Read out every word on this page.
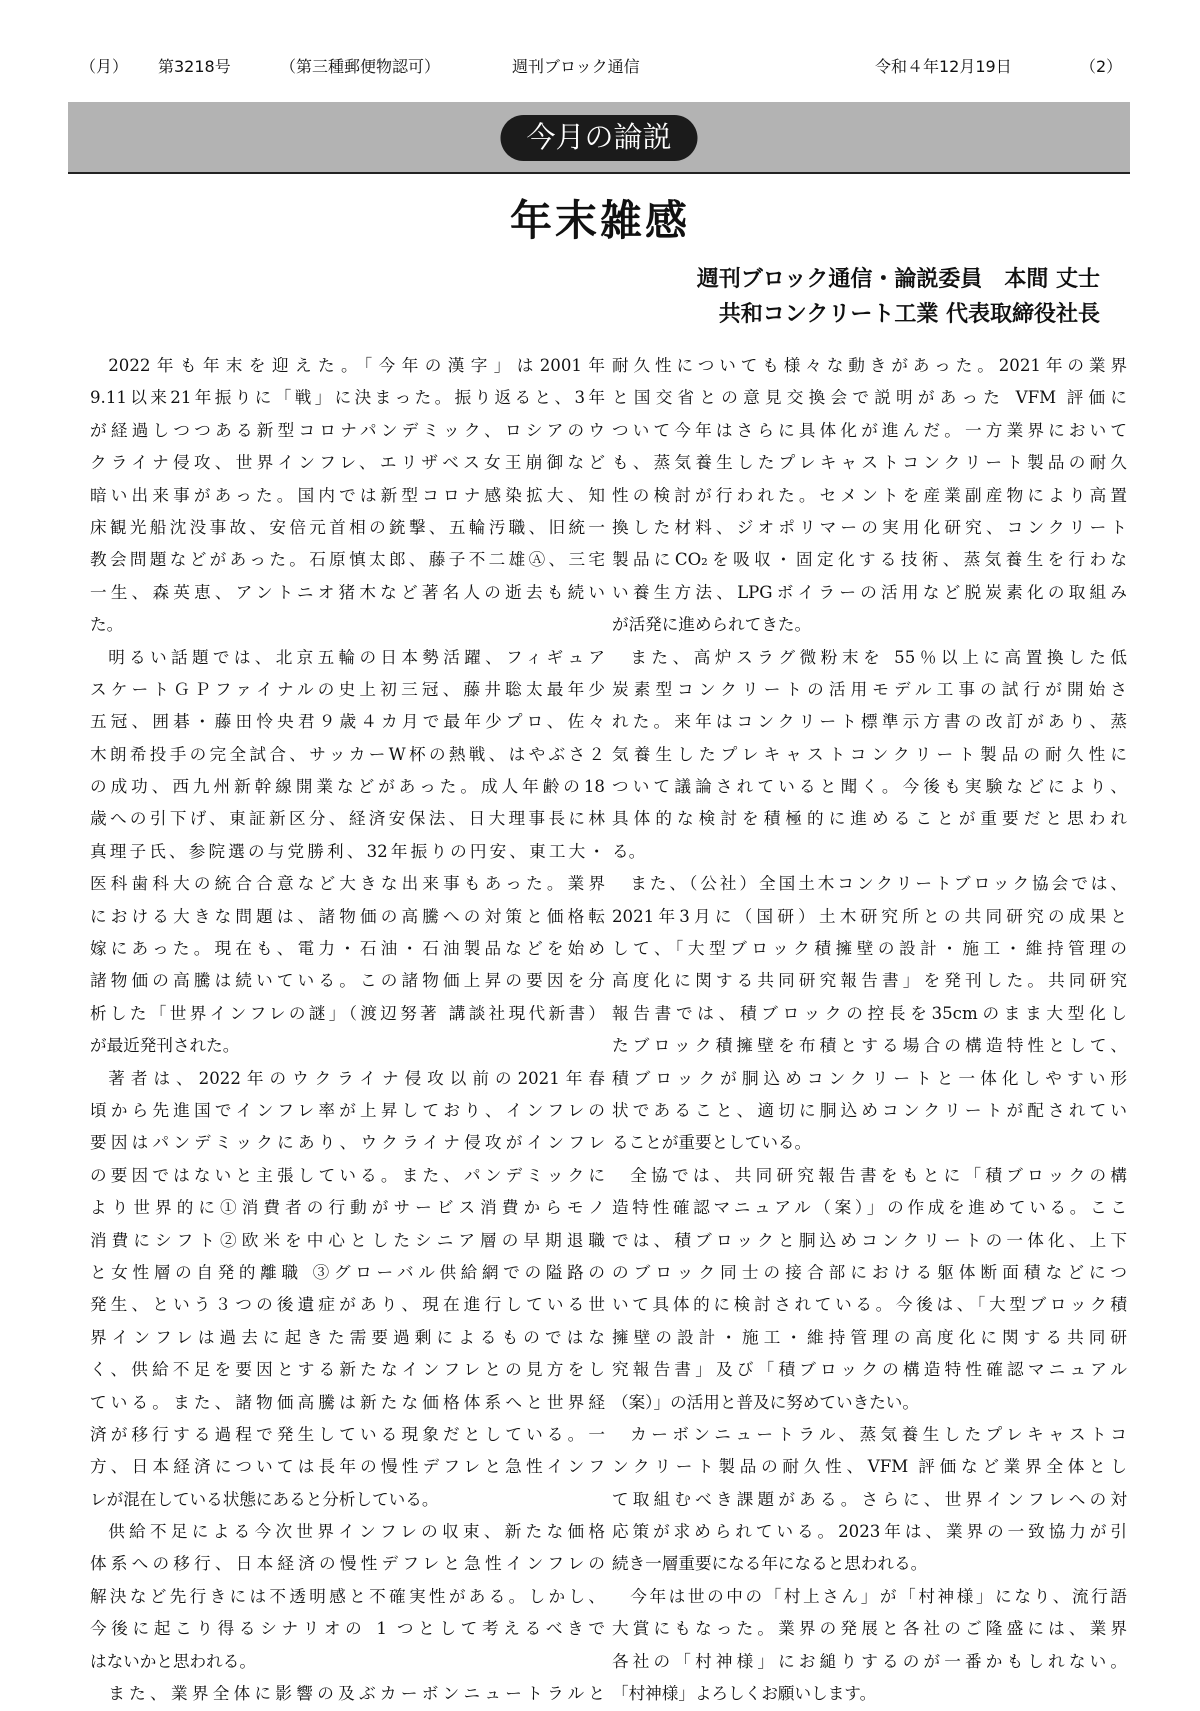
（月） 第3218号	（第三種郵便物認可）	週刊ブロック通信	令和４年12月19日	（2）
今月の論説
年末雑感
週刊ブロック通信・論説委員　本間 丈士
共和コンクリート工業 代表取締役社長
2022年も年末を迎えた。「今年の漢字」は2001年
9.11以来21年振りに「戦」に決まった。振り返ると、3年
が経過しつつある新型コロナパンデミック、ロシアのウ
クライナ侵攻、世界インフレ、エリザベス女王崩御など
暗い出来事があった。国内では新型コロナ感染拡大、知
床観光船沈没事故、安倍元首相の銃撃、五輪汚職、旧統一
教会問題などがあった。石原慎太郎、藤子不二雄Ⓐ、三宅
一生、森英恵、アントニオ猪木など著名人の逝去も続い
た。
明るい話題では、北京五輪の日本勢活躍、フィギュア
スケートＧＰファイナルの史上初三冠、藤井聡太最年少
五冠、囲碁・藤田怜央君９歳４カ月で最年少プロ、佐々
木朗希投手の完全試合、サッカーW杯の熱戦、はやぶさ２
の成功、西九州新幹線開業などがあった。成人年齢の18
歳への引下げ、東証新区分、経済安保法、日大理事長に林
真理子氏、参院選の与党勝利、32年振りの円安、東工大・
医科歯科大の統合合意など大きな出来事もあった。業界
における大きな問題は、諸物価の高騰への対策と価格転
嫁にあった。現在も、電力・石油・石油製品などを始め
諸物価の高騰は続いている。この諸物価上昇の要因を分
析した「世界インフレの謎」（渡辺努著 講談社現代新書）
が最近発刊された。
著者は、2022年のウクライナ侵攻以前の2021年春
頃から先進国でインフレ率が上昇しており、インフレの
要因はパンデミックにあり、ウクライナ侵攻がインフレ
の要因ではないと主張している。また、パンデミックに
より世界的に①消費者の行動がサービス消費からモノ
消費にシフト②欧米を中心としたシニア層の早期退職
と女性層の自発的離職 ③グローバル供給網での隘路の
発生、という３つの後遺症があり、現在進行している世
界インフレは過去に起きた需要過剰によるものではな
く、供給不足を要因とする新たなインフレとの見方をし
ている。また、諸物価高騰は新たな価格体系へと世界経
済が移行する過程で発生している現象だとしている。一
方、日本経済については長年の慢性デフレと急性インフ
レが混在している状態にあると分析している。
供給不足による今次世界インフレの収束、新たな価格
体系への移行、日本経済の慢性デフレと急性インフレの
解決など先行きには不透明感と不確実性がある。しかし、
今後に起こり得るシナリオの 1 つとして考えるべきで
はないかと思われる。
また、業界全体に影響の及ぶカーボンニュートラルと
耐久性についても様々な動きがあった。2021年の業界
と国交省との意見交換会で説明があった VFM 評価に
ついて今年はさらに具体化が進んだ。一方業界において
も、蒸気養生したプレキャストコンクリート製品の耐久
性の検討が行われた。セメントを産業副産物により高置
換した材料、ジオポリマーの実用化研究、コンクリート
製品にCO₂を吸収・固定化する技術、蒸気養生を行わな
い養生方法、LPGボイラーの活用など脱炭素化の取組み
が活発に進められてきた。
また、高炉スラグ微粉末を 55％以上に高置換した低
炭素型コンクリートの活用モデル工事の試行が開始さ
れた。来年はコンクリート標準示方書の改訂があり、蒸
気養生したプレキャストコンクリート製品の耐久性に
ついて議論されていると聞く。今後も実験などにより、
具体的な検討を積極的に進めることが重要だと思われ
る。
また、（公社）全国土木コンクリートブロック協会では、
2021年3月に（国研）土木研究所との共同研究の成果と
して、「大型ブロック積擁壁の設計・施工・維持管理の
高度化に関する共同研究報告書」を発刊した。共同研究
報告書では、積ブロックの控長を35cmのまま大型化し
たブロック積擁壁を布積とする場合の構造特性として、
積ブロックが胴込めコンクリートと一体化しやすい形
状であること、適切に胴込めコンクリートが配されてい
ることが重要としている。
全協では、共同研究報告書をもとに「積ブロックの構
造特性確認マニュアル（案）」の作成を進めている。ここ
では、積ブロックと胴込めコンクリートの一体化、上下
のブロック同士の接合部における躯体断面積などにつ
いて具体的に検討されている。今後は、「大型ブロック積
擁壁の設計・施工・維持管理の高度化に関する共同研
究報告書」及び「積ブロックの構造特性確認マニュアル
（案）」の活用と普及に努めていきたい。
カーボンニュートラル、蒸気養生したプレキャストコ
ンクリート製品の耐久性、VFM 評価など業界全体とし
て取組むべき課題がある。さらに、世界インフレへの対
応策が求められている。2023年は、業界の一致協力が引
続き一層重要になる年になると思われる。
今年は世の中の「村上さん」が「村神様」になり、流行語
大賞にもなった。業界の発展と各社のご隆盛には、業界
各社の「村神様」にお縋りするのが一番かもしれない。
「村神様」よろしくお願いします。
